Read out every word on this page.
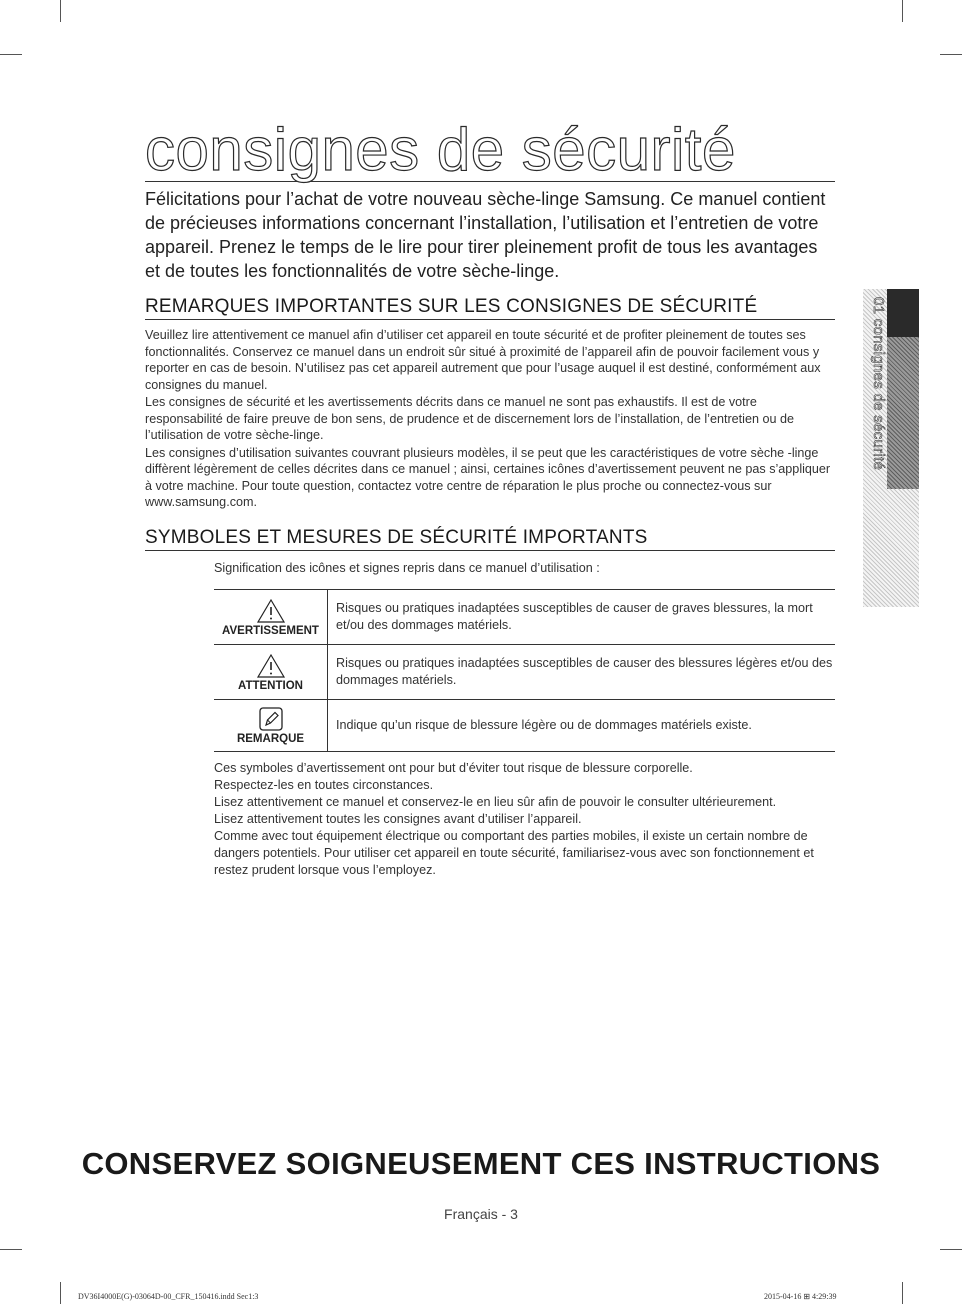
consignes de sécurité
Félicitations pour l’achat de votre nouveau sèche-linge Samsung. Ce manuel contient de précieuses informations concernant l’installation, l’utilisation et l’entretien de votre appareil. Prenez le temps de le lire pour tirer pleinement profit de tous les avantages et de toutes les fonctionnalités de votre sèche-linge.
01 consignes de sécurité
REMARQUES IMPORTANTES SUR LES CONSIGNES DE SÉCURITÉ

Veuillez lire attentivement ce manuel afin d’utiliser cet appareil en toute sécurité et de profiter pleinement de toutes ses fonctionnalités. Conservez ce manuel dans un endroit sûr situé à proximité de l’appareil afin de pouvoir facilement vous y reporter en cas de besoin. N’utilisez pas cet appareil autrement que pour l’usage auquel il est destiné, conformément aux consignes du manuel.

Les consignes de sécurité et les avertissements décrits dans ce manuel ne sont pas exhaustifs. Il est de votre responsabilité de faire preuve de bon sens, de prudence et de discernement lors de l’installation, de l’entretien ou de l’utilisation de votre sèche-linge.

Les consignes d’utilisation suivantes couvrant plusieurs modèles, il se peut que les caractéristiques de votre sèche -linge diffèrent légèrement de celles décrites dans ce manuel ; ainsi, certaines icônes d’avertissement peuvent ne pas s’appliquer à votre machine. Pour toute question, contactez votre centre de réparation le plus proche ou connectez-vous sur www.samsung.com.

SYMBOLES ET MESURES DE SÉCURITÉ IMPORTANTS
Signification des icônes et signes repris dans ce manuel d’utilisation :
AVERTISSEMENT	Risques ou pratiques inadaptées susceptibles de causer de graves blessures, la mort et/ou des dommages matériels.

ATTENTION	Risques ou pratiques inadaptées susceptibles de causer des blessures légères et/ou des dommages matériels.

REMARQUE	Indique qu’un risque de blessure légère ou de dommages matériels existe.

Ces symboles d’avertissement ont pour but d’éviter tout risque de blessure corporelle.

Respectez-les en toutes circonstances.

Lisez attentivement ce manuel et conservez-le en lieu sûr afin de pouvoir le consulter ultérieurement.

Lisez attentivement toutes les consignes avant d’utiliser l’appareil.

Comme avec tout équipement électrique ou comportant des parties mobiles, il existe un certain nombre de dangers potentiels. Pour utiliser cet appareil en toute sécurité, familiarisez-vous avec son fonctionnement et restez prudent lorsque vous l’employez.

CONSERVEZ SOIGNEUSEMENT CES INSTRUCTIONS
Français - 3
DV36I4000E(G)-03064D-00_CFR_150416.indd Sec1:3	2015-04-16 ⊞ 4:29:39
